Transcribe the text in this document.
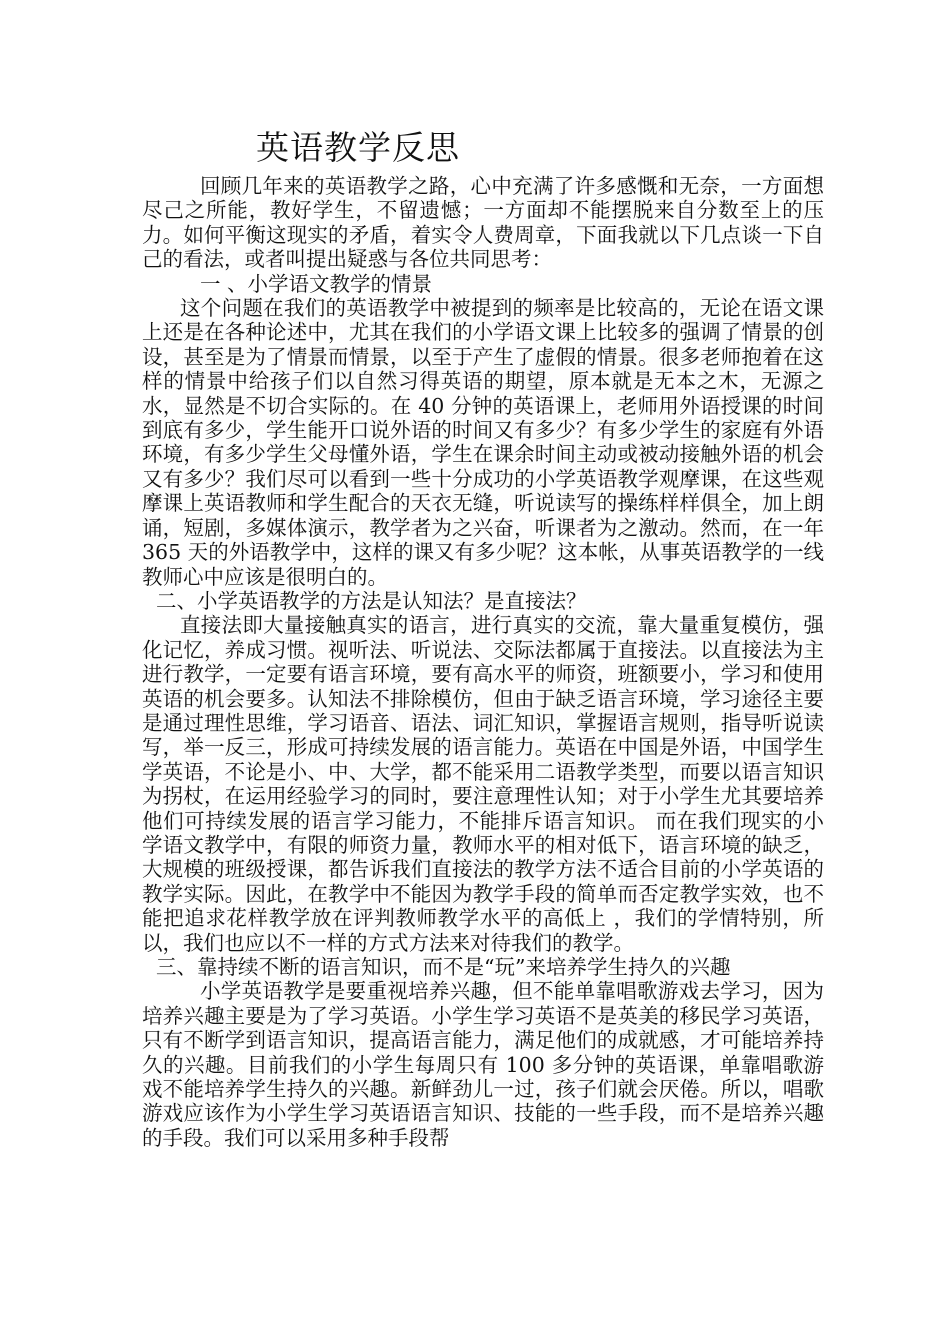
英语教学反思

回顾几年来的英语教学之路，心中充满了许多感慨和无奈，一方面想尽己之所能，教好学生，不留遗憾；一方面却不能摆脱来自分数至上的压力。如何平衡这现实的矛盾，着实令人费周章，下面我就以下几点谈一下自己的看法，或者叫提出疑惑与各位共同思考：

一 、小学语文教学的情景

这个问题在我们的英语教学中被提到的频率是比较高的，无论在语文课上还是在各种论述中，尤其在我们的小学语文课上比较多的强调了情景的创设，甚至是为了情景而情景，以至于产生了虚假的情景。很多老师抱着在这样的情景中给孩子们以自然习得英语的期望，原本就是无本之木，无源之水，显然是不切合实际的。在 40 分钟的英语课上，老师用外语授课的时间到底有多少，学生能开口说外语的时间又有多少？有多少学生的家庭有外语环境，有多少学生父母懂外语，学生在课余时间主动或被动接触外语的机会又有多少？我们尽可以看到一些十分成功的小学英语教学观摩课，在这些观摩课上英语教师和学生配合的天衣无缝，听说读写的操练样样俱全，加上朗诵，短剧，多媒体演示，教学者为之兴奋，听课者为之激动。然而，在一年 365 天的外语教学中，这样的课又有多少呢？这本帐，从事英语教学的一线教师心中应该是很明白的。

二、小学英语教学的方法是认知法？是直接法？

直接法即大量接触真实的语言，进行真实的交流，靠大量重复模仿，强化记忆，养成习惯。视听法、听说法、交际法都属于直接法。以直接法为主进行教学，一定要有语言环境，要有高水平的师资，班额要小，学习和使用英语的机会要多。认知法不排除模仿，但由于缺乏语言环境，学习途径主要是通过理性思维，学习语音、语法、词汇知识，掌握语言规则，指导听说读写，举一反三，形成可持续发展的语言能力。英语在中国是外语，中国学生学英语，不论是小、中、大学，都不能采用二语教学类型，而要以语言知识为拐杖，在运用经验学习的同时，要注意理性认知；对于小学生尤其要培养他们可持续发展的语言学习能力，不能排斥语言知识。 而在我们现实的小学语文教学中，有限的师资力量，教师水平的相对低下，语言环境的缺乏，大规模的班级授课，都告诉我们直接法的教学方法不适合目前的小学英语的教学实际。因此，在教学中不能因为教学手段的简单而否定教学实效，也不能把追求花样教学放在评判教师教学水平的高低上 ，我们的学情特别，所以，我们也应以不一样的方式方法来对待我们的教学。

三、靠持续不断的语言知识，而不是“玩”来培养学生持久的兴趣

小学英语教学是要重视培养兴趣，但不能单靠唱歌游戏去学习，因为培养兴趣主要是为了学习英语。小学生学习英语不是英美的移民学习英语，只有不断学到语言知识，提高语言能力，满足他们的成就感，才可能培养持久的兴趣。目前我们的小学生每周只有 100 多分钟的英语课，单靠唱歌游戏不能培养学生持久的兴趣。新鲜劲儿一过，孩子们就会厌倦。所以，唱歌游戏应该作为小学生学习英语语言知识、技能的一些手段，而不是培养兴趣的手段。我们可以采用多种手段帮
